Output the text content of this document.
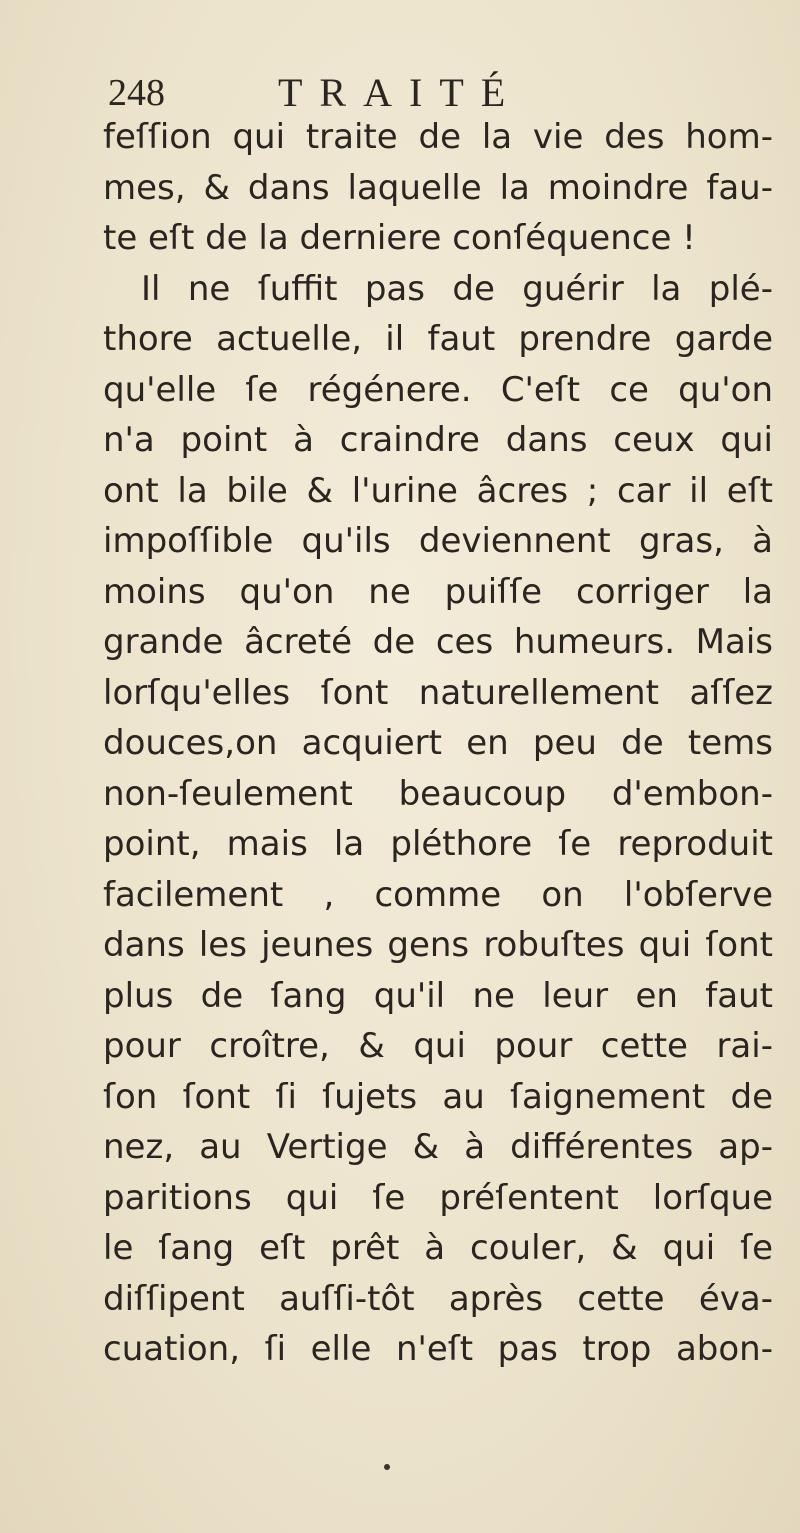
248	TRAITÉ
feſſion qui traite de la vie des hom-
mes, & dans laquelle la moindre fau-
te eſt de la derniere conſéquence !
Il ne ſuffit pas de guérir la plé-
thore actuelle, il faut prendre garde
qu'elle ſe régénere. C'eſt ce qu'on
n'a point à craindre dans ceux qui
ont la bile & l'urine âcres ; car il eſt
impoſſible qu'ils deviennent gras, à
moins qu'on ne puiſſe corriger la
grande âcreté de ces humeurs. Mais
lorſqu'elles ſont naturellement aſſez
douces,on acquiert en peu de tems
non-ſeulement beaucoup d'embon-
point, mais la pléthore ſe reproduit
facilement , comme on l'obſerve
dans les jeunes gens robuſtes qui ſont
plus de ſang qu'il ne leur en faut
pour croître, & qui pour cette rai-
ſon ſont ſi ſujets au ſaignement de
nez, au Vertige & à différentes ap-
paritions qui ſe préſentent lorſque
le ſang eſt prêt à couler, & qui ſe
diſſipent auſſi-tôt après cette éva-
cuation, ſi elle n'eſt pas trop abon-
